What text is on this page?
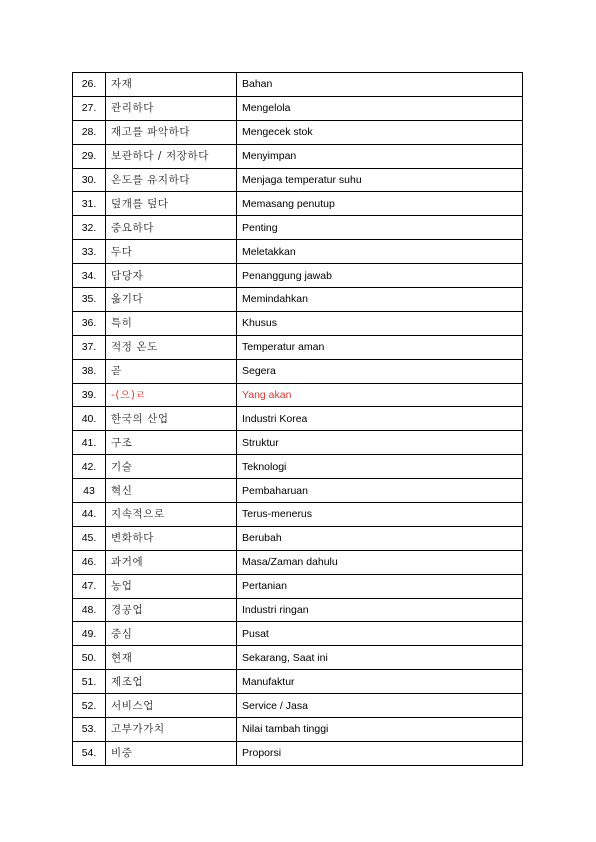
26.	자재	Bahan
27.	관리하다	Mengelola
28.	재고를 파악하다	Mengecek stok
29.	보관하다 / 저장하다	Menyimpan
30.	온도를 유지하다	Menjaga temperatur suhu
31.	덮개를 덮다	Memasang penutup
32.	중요하다	Penting
33.	두다	Meletakkan
34.	담당자	Penanggung jawab
35.	옮기다	Memindahkan
36.	특히	Khusus
37.	적정 온도	Temperatur aman
38.	곧	Segera
39.	-(으)ㄹ	Yang akan
40.	한국의 산업	Industri Korea
41.	구조	Struktur
42.	기술	Teknologi
43	혁신	Pembaharuan
44.	지속적으로	Terus-menerus
45.	변화하다	Berubah
46.	과거에	Masa/Zaman dahulu
47.	농업	Pertanian
48.	경공업	Industri ringan
49.	중심	Pusat
50.	현재	Sekarang, Saat ini
51.	제조업	Manufaktur
52.	서비스업	Service / Jasa
53.	고부가가치	Nilai tambah tinggi
54.	비중	Proporsi
